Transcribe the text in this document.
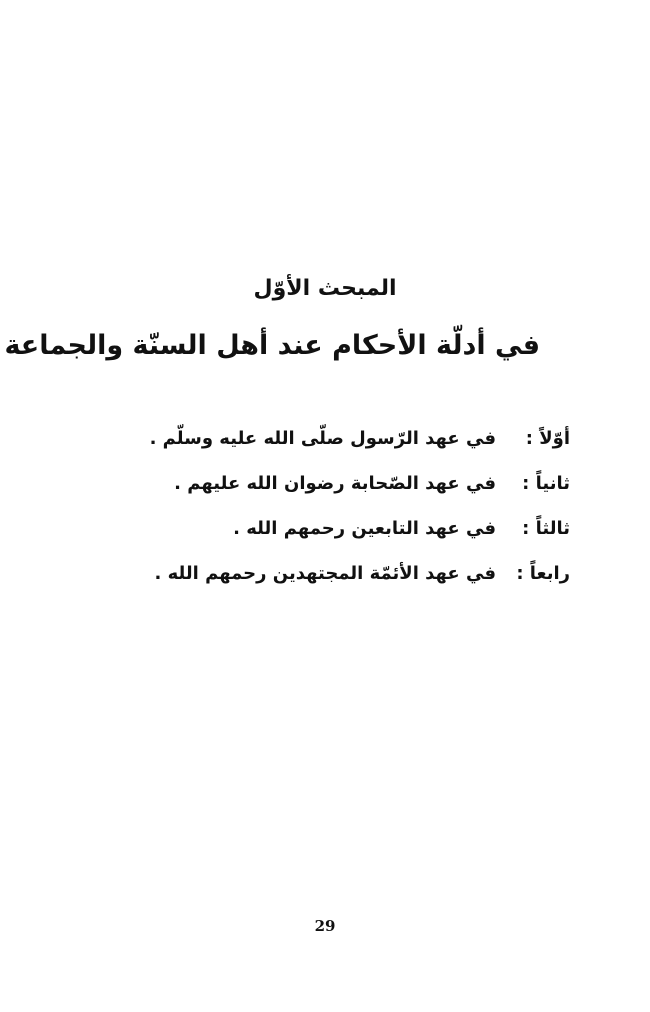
المبحث الأوّل
في أدلّة الأحكام عند أهل السنّة والجماعة
أوّلاً :
في عهد الرّسول صلّى الله عليه وسلّم .
ثانياً :
في عهد الصّحابة رضوان الله عليهم .
ثالثاً :
في عهد التابعين رحمهم الله .
رابعاً :
في عهد الأئمّة المجتهدين رحمهم الله .
29
